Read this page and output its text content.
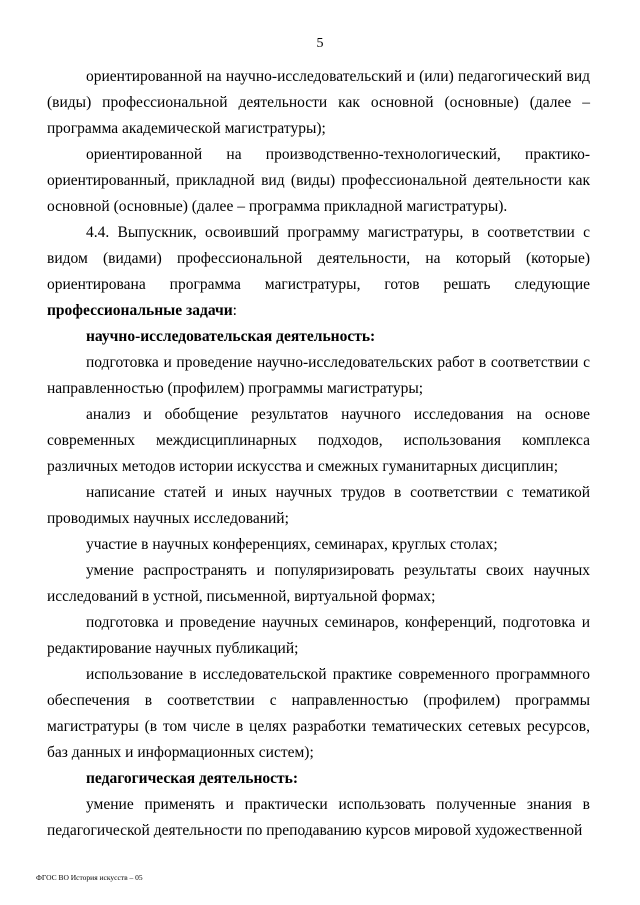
5

ориентированной на научно-исследовательский и (или) педагогический вид (виды) профессиональной деятельности как основной (основные) (далее – программа академической магистратуры);

ориентированной на производственно-технологический, практико-ориентированный, прикладной вид (виды) профессиональной деятельности как основной (основные) (далее – программа прикладной магистратуры).

4.4. Выпускник, освоивший программу магистратуры, в соответствии с видом (видами) профессиональной деятельности, на который (которые) ориентирована программа магистратуры, готов решать следующие профессиональные задачи:

научно-исследовательская деятельность:

подготовка и проведение научно-исследовательских работ в соответствии с направленностью (профилем) программы магистратуры;

анализ и обобщение результатов научного исследования на основе современных междисциплинарных подходов, использования комплекса различных методов истории искусства и смежных гуманитарных дисциплин;

написание статей и иных научных трудов в соответствии с тематикой проводимых научных исследований;

участие в научных конференциях, семинарах, круглых столах;

умение распространять и популяризировать результаты своих научных исследований в устной, письменной, виртуальной формах;

подготовка и проведение научных семинаров, конференций, подготовка и редактирование научных публикаций;

использование в исследовательской практике современного программного обеспечения в соответствии с направленностью (профилем) программы магистратуры (в том числе в целях разработки тематических сетевых ресурсов, баз данных и информационных систем);

педагогическая деятельность:

умение применять и практически использовать полученные знания в педагогической деятельности по преподаванию курсов мировой художественной

ФГОС ВО История искусств – 05
